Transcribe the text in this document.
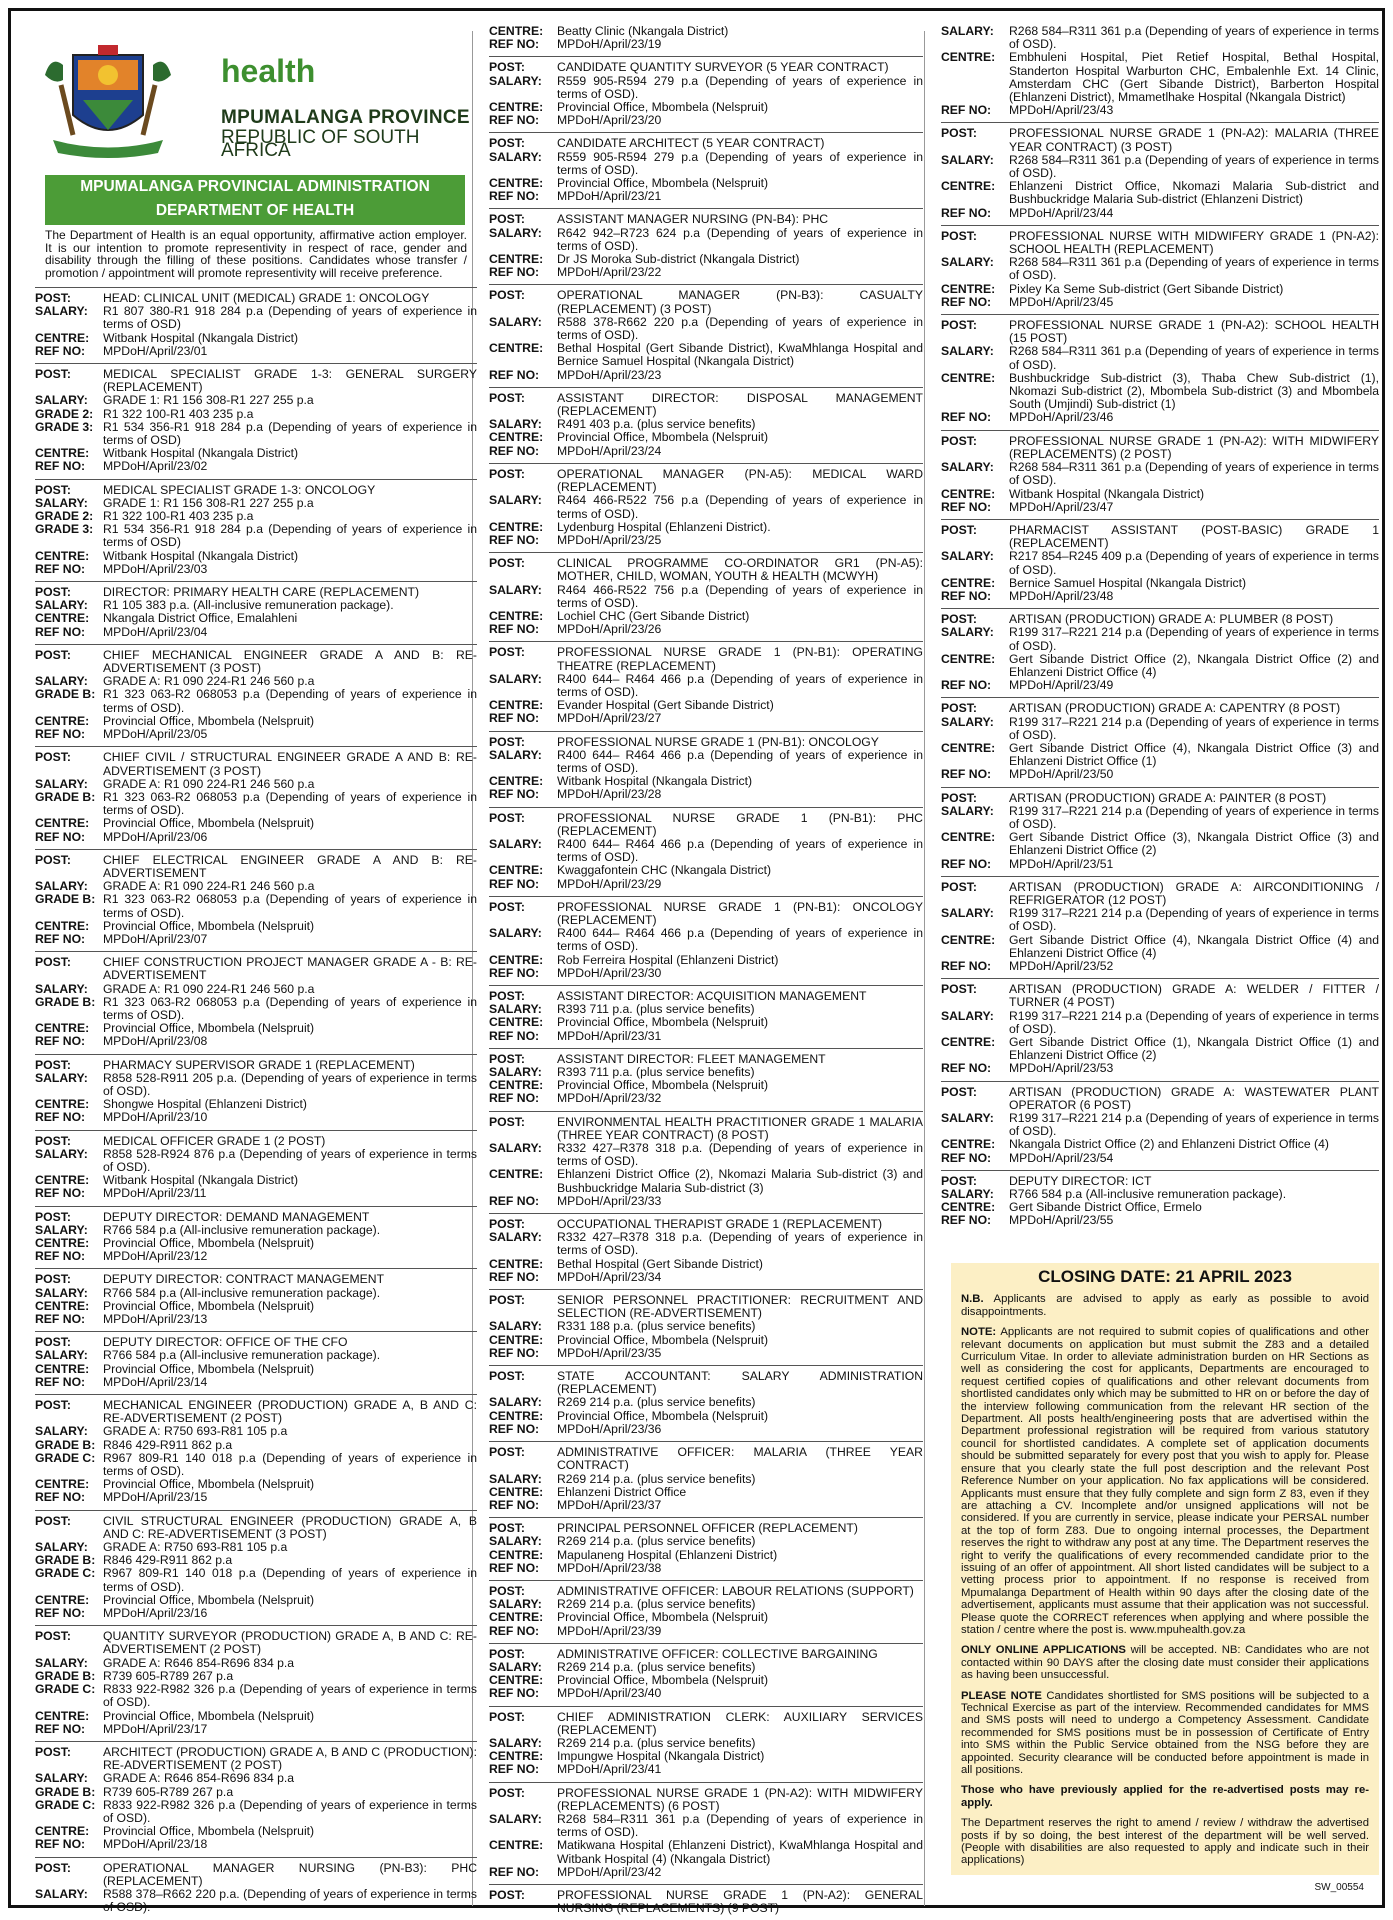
health
MPUMALANGA PROVINCE
REPUBLIC OF SOUTH AFRICA
MPUMALANGA PROVINCIAL ADMINISTRATION
DEPARTMENT OF HEALTH
The Department of Health is an equal opportunity, affirmative action employer. It is our intention to promote representivity in respect of race, gender and disability through the filling of these positions. Candidates whose transfer / promotion / appointment will promote representivity will receive preference.
POST:	HEAD: CLINICAL UNIT (MEDICAL) GRADE 1: ONCOLOGY
SALARY:	R1 807 380-R1 918 284 p.a (Depending of years of experience in terms of OSD)
CENTRE:	Witbank Hospital (Nkangala District)
REF NO:	MPDoH/April/23/01
POST:	MEDICAL SPECIALIST GRADE 1-3: GENERAL SURGERY (REPLACEMENT)
SALARY:	GRADE 1: R1 156 308-R1 227 255 p.a
GRADE 2: R1 322 100-R1 403 235 p.a
GRADE 3: R1 534 356-R1 918 284 p.a (Depending of years of experience in terms of OSD)
CENTRE:	Witbank Hospital (Nkangala District)
REF NO:	MPDoH/April/23/02
POST:	MEDICAL SPECIALIST GRADE 1-3: ONCOLOGY
SALARY:	GRADE 1: R1 156 308-R1 227 255 p.a
GRADE 2: R1 322 100-R1 403 235 p.a
GRADE 3: R1 534 356-R1 918 284 p.a (Depending of years of experience in terms of OSD)
CENTRE:	Witbank Hospital (Nkangala District)
REF NO:	MPDoH/April/23/03
POST:	DIRECTOR: PRIMARY HEALTH CARE (REPLACEMENT)
SALARY:	R1 105 383 p.a. (All-inclusive remuneration package).
CENTRE:	Nkangala District Office, Emalahleni
REF NO:	MPDoH/April/23/04
POST:	CHIEF MECHANICAL ENGINEER GRADE A AND B: RE-ADVERTISEMENT (3 POST)
SALARY:	GRADE A: R1 090 224-R1 246 560 p.a
GRADE B: R1 323 063-R2 068053 p.a (Depending of years of experience in terms of OSD).
CENTRE:	Provincial Office, Mbombela (Nelspruit)
REF NO:	MPDoH/April/23/05
POST:	CHIEF CIVIL / STRUCTURAL ENGINEER GRADE A AND B: RE-ADVERTISEMENT (3 POST)
SALARY:	GRADE A: R1 090 224-R1 246 560 p.a
GRADE B: R1 323 063-R2 068053 p.a (Depending of years of experience in terms of OSD).
CENTRE:	Provincial Office, Mbombela (Nelspruit)
REF NO:	MPDoH/April/23/06
POST:	CHIEF ELECTRICAL ENGINEER GRADE A AND B: RE-ADVERTISEMENT
SALARY:	GRADE A: R1 090 224-R1 246 560 p.a
GRADE B: R1 323 063-R2 068053 p.a (Depending of years of experience in terms of OSD).
CENTRE:	Provincial Office, Mbombela (Nelspruit)
REF NO:	MPDoH/April/23/07
POST:	CHIEF CONSTRUCTION PROJECT MANAGER GRADE A - B: RE-ADVERTISEMENT
SALARY:	GRADE A: R1 090 224-R1 246 560 p.a
GRADE B: R1 323 063-R2 068053 p.a (Depending of years of experience in terms of OSD).
CENTRE:	Provincial Office, Mbombela (Nelspruit)
REF NO:	MPDoH/April/23/08
POST:	PHARMACY SUPERVISOR GRADE 1 (REPLACEMENT)
SALARY:	R858 528-R911 205 p.a. (Depending of years of experience in terms of OSD).
CENTRE:	Shongwe Hospital (Ehlanzeni District)
REF NO:	MPDoH/April/23/10
POST:	MEDICAL OFFICER GRADE 1 (2 POST)
SALARY:	R858 528-R924 876 p.a (Depending of years of experience in terms of OSD).
CENTRE:	Witbank Hospital (Nkangala District)
REF NO:	MPDoH/April/23/11
POST:	DEPUTY DIRECTOR: DEMAND MANAGEMENT
SALARY:	R766 584 p.a (All-inclusive remuneration package).
CENTRE:	Provincial Office, Mbombela (Nelspruit)
REF NO:	MPDoH/April/23/12
POST:	DEPUTY DIRECTOR: CONTRACT MANAGEMENT
SALARY:	R766 584 p.a (All-inclusive remuneration package).
CENTRE:	Provincial Office, Mbombela (Nelspruit)
REF NO:	MPDoH/April/23/13
POST:	DEPUTY DIRECTOR: OFFICE OF THE CFO
SALARY:	R766 584 p.a (All-inclusive remuneration package).
CENTRE:	Provincial Office, Mbombela (Nelspruit)
REF NO:	MPDoH/April/23/14
POST:	MECHANICAL ENGINEER (PRODUCTION) GRADE A, B AND C: RE-ADVERTISEMENT (2 POST)
SALARY:	GRADE A: R750 693-R81 105 p.a
GRADE B: R846 429-R911 862 p.a
GRADE C: R967 809-R1 140 018 p.a (Depending of years of experience in terms of OSD).
CENTRE:	Provincial Office, Mbombela (Nelspruit)
REF NO:	MPDoH/April/23/15
POST:	CIVIL STRUCTURAL ENGINEER (PRODUCTION) GRADE A, B AND C: RE-ADVERTISEMENT (3 POST)
SALARY:	GRADE A: R750 693-R81 105 p.a
GRADE B: R846 429-R911 862 p.a
GRADE C: R967 809-R1 140 018 p.a (Depending of years of experience in terms of OSD).
CENTRE:	Provincial Office, Mbombela (Nelspruit)
REF NO:	MPDoH/April/23/16
POST:	QUANTITY SURVEYOR (PRODUCTION) GRADE A, B AND C: RE-ADVERTISEMENT (2 POST)
SALARY:	GRADE A: R646 854-R696 834 p.a
GRADE B: R739 605-R789 267 p.a
GRADE C: R833 922-R982 326 p.a (Depending of years of experience in terms of OSD).
CENTRE:	Provincial Office, Mbombela (Nelspruit)
REF NO:	MPDoH/April/23/17
POST:	ARCHITECT (PRODUCTION) GRADE A, B AND C (PRODUCTION): RE-ADVERTISEMENT (2 POST)
SALARY:	GRADE A: R646 854-R696 834 p.a
GRADE B: R739 605-R789 267 p.a
GRADE C: R833 922-R982 326 p.a (Depending of years of experience in terms of OSD).
CENTRE:	Provincial Office, Mbombela (Nelspruit)
REF NO:	MPDoH/April/23/18
POST:	OPERATIONAL MANAGER NURSING (PN-B3): PHC (REPLACEMENT)
SALARY:	R588 378–R662 220 p.a. (Depending of years of experience in terms of OSD).
CENTRE:	Beatty Clinic (Nkangala District)
REF NO:	MPDoH/April/23/19
POST:	CANDIDATE QUANTITY SURVEYOR (5 YEAR CONTRACT)
SALARY:	R559 905-R594 279 p.a (Depending of years of experience in terms of OSD).
CENTRE:	Provincial Office, Mbombela (Nelspruit)
REF NO:	MPDoH/April/23/20
POST:	CANDIDATE ARCHITECT (5 YEAR CONTRACT)
SALARY:	R559 905-R594 279 p.a (Depending of years of experience in terms of OSD).
CENTRE:	Provincial Office, Mbombela (Nelspruit)
REF NO:	MPDoH/April/23/21
POST:	ASSISTANT MANAGER NURSING (PN-B4): PHC
SALARY:	R642 942–R723 624 p.a (Depending of years of experience in terms of OSD).
CENTRE:	Dr JS Moroka Sub-district (Nkangala District)
REF NO:	MPDoH/April/23/22
POST:	OPERATIONAL MANAGER (PN-B3): CASUALTY (REPLACEMENT) (3 POST)
SALARY:	R588 378-R662 220 p.a (Depending of years of experience in terms of OSD).
CENTRE:	Bethal Hospital (Gert Sibande District), KwaMhlanga Hospital and Bernice Samuel Hospital (Nkangala District)
REF NO:	MPDoH/April/23/23
POST:	ASSISTANT DIRECTOR: DISPOSAL MANAGEMENT (REPLACEMENT)
SALARY:	R491 403 p.a. (plus service benefits)
CENTRE:	Provincial Office, Mbombela (Nelspruit)
REF NO:	MPDoH/April/23/24
POST:	OPERATIONAL MANAGER (PN-A5): MEDICAL WARD (REPLACEMENT)
SALARY:	R464 466-R522 756 p.a (Depending of years of experience in terms of OSD).
CENTRE:	Lydenburg Hospital (Ehlanzeni District).
REF NO:	MPDoH/April/23/25
POST:	CLINICAL PROGRAMME CO-ORDINATOR GR1 (PN-A5): MOTHER, CHILD, WOMAN, YOUTH & HEALTH (MCWYH)
SALARY:	R464 466-R522 756 p.a (Depending of years of experience in terms of OSD).
CENTRE:	Lochiel CHC (Gert Sibande District)
REF NO:	MPDoH/April/23/26
POST:	PROFESSIONAL NURSE GRADE 1 (PN-B1): OPERATING THEATRE (REPLACEMENT)
SALARY:	R400 644– R464 466 p.a (Depending of years of experience in terms of OSD).
CENTRE:	Evander Hospital (Gert Sibande District)
REF NO:	MPDoH/April/23/27
POST:	PROFESSIONAL NURSE GRADE 1 (PN-B1): ONCOLOGY
SALARY:	R400 644– R464 466 p.a (Depending of years of experience in terms of OSD).
CENTRE:	Witbank Hospital (Nkangala District)
REF NO:	MPDoH/April/23/28
POST:	PROFESSIONAL NURSE GRADE 1 (PN-B1): PHC (REPLACEMENT)
SALARY:	R400 644– R464 466 p.a (Depending of years of experience in terms of OSD).
CENTRE:	Kwaggafontein CHC (Nkangala District)
REF NO:	MPDoH/April/23/29
POST:	PROFESSIONAL NURSE GRADE 1 (PN-B1): ONCOLOGY (REPLACEMENT)
SALARY:	R400 644– R464 466 p.a (Depending of years of experience in terms of OSD).
CENTRE:	Rob Ferreira Hospital (Ehlanzeni District)
REF NO:	MPDoH/April/23/30
POST:	ASSISTANT DIRECTOR: ACQUISITION MANAGEMENT
SALARY:	R393 711 p.a. (plus service benefits)
CENTRE:	Provincial Office, Mbombela (Nelspruit)
REF NO:	MPDoH/April/23/31
POST:	ASSISTANT DIRECTOR: FLEET MANAGEMENT
SALARY:	R393 711 p.a. (plus service benefits)
CENTRE:	Provincial Office, Mbombela (Nelspruit)
REF NO:	MPDoH/April/23/32
POST:	ENVIRONMENTAL HEALTH PRACTITIONER GRADE 1 MALARIA (THREE YEAR CONTRACT) (8 POST)
SALARY:	R332 427–R378 318 p.a. (Depending of years of experience in terms of OSD).
CENTRE:	Ehlanzeni District Office (2), Nkomazi Malaria Sub-district (3) and Bushbuckridge Malaria Sub-district (3)
REF NO:	MPDoH/April/23/33
POST:	OCCUPATIONAL THERAPIST GRADE 1 (REPLACEMENT)
SALARY:	R332 427–R378 318 p.a. (Depending of years of experience in terms of OSD).
CENTRE:	Bethal Hospital (Gert Sibande District)
REF NO:	MPDoH/April/23/34
POST:	SENIOR PERSONNEL PRACTITIONER: RECRUITMENT AND SELECTION (RE-ADVERTISEMENT)
SALARY:	R331 188 p.a. (plus service benefits)
CENTRE:	Provincial Office, Mbombela (Nelspruit)
REF NO:	MPDoH/April/23/35
POST:	STATE ACCOUNTANT: SALARY ADMINISTRATION (REPLACEMENT)
SALARY:	R269 214 p.a. (plus service benefits)
CENTRE:	Provincial Office, Mbombela (Nelspruit)
REF NO:	MPDoH/April/23/36
POST:	ADMINISTRATIVE OFFICER: MALARIA (THREE YEAR CONTRACT)
SALARY:	R269 214 p.a. (plus service benefits)
CENTRE:	Ehlanzeni District Office
REF NO:	MPDoH/April/23/37
POST:	PRINCIPAL PERSONNEL OFFICER (REPLACEMENT)
SALARY:	R269 214 p.a. (plus service benefits)
CENTRE:	Mapulaneng Hospital (Ehlanzeni District)
REF NO:	MPDoH/April/23/38
POST:	ADMINISTRATIVE OFFICER: LABOUR RELATIONS (SUPPORT)
SALARY:	R269 214 p.a. (plus service benefits)
CENTRE:	Provincial Office, Mbombela (Nelspruit)
REF NO:	MPDoH/April/23/39
POST:	ADMINISTRATIVE OFFICER: COLLECTIVE BARGAINING
SALARY:	R269 214 p.a. (plus service benefits)
CENTRE:	Provincial Office, Mbombela (Nelspruit)
REF NO:	MPDoH/April/23/40
POST:	CHIEF ADMINISTRATION CLERK: AUXILIARY SERVICES (REPLACEMENT)
SALARY:	R269 214 p.a. (plus service benefits)
CENTRE:	Impungwe Hospital (Nkangala District)
REF NO:	MPDoH/April/23/41
POST:	PROFESSIONAL NURSE GRADE 1 (PN-A2): WITH MIDWIFERY (REPLACEMENTS) (6 POST)
SALARY:	R268 584–R311 361 p.a (Depending of years of experience in terms of OSD).
CENTRE:	Matikwana Hospital (Ehlanzeni District), KwaMhlanga Hospital and Witbank Hospital (4) (Nkangala District)
REF NO:	MPDoH/April/23/42
POST:	PROFESSIONAL NURSE GRADE 1 (PN-A2): GENERAL NURSING (REPLACEMENTS) (9 POST)
SALARY:	R268 584–R311 361 p.a (Depending of years of experience in terms of OSD).
CENTRE:	Embhuleni Hospital, Piet Retief Hospital, Bethal Hospital, Standerton Hospital Warburton CHC, Embalenhle Ext. 14 Clinic, Amsterdam CHC (Gert Sibande District), Barberton Hospital (Ehlanzeni District), Mmametlhake Hospital (Nkangala District)
REF NO:	MPDoH/April/23/43
POST:	PROFESSIONAL NURSE GRADE 1 (PN-A2): MALARIA (THREE YEAR CONTRACT) (3 POST)
SALARY:	R268 584–R311 361 p.a (Depending of years of experience in terms of OSD).
CENTRE:	Ehlanzeni District Office, Nkomazi Malaria Sub-district and Bushbuckridge Malaria Sub-district (Ehlanzeni District)
REF NO:	MPDoH/April/23/44
POST:	PROFESSIONAL NURSE WITH MIDWIFERY GRADE 1 (PN-A2): SCHOOL HEALTH (REPLACEMENT)
SALARY:	R268 584–R311 361 p.a (Depending of years of experience in terms of OSD).
CENTRE:	Pixley Ka Seme Sub-district (Gert Sibande District)
REF NO:	MPDoH/April/23/45
POST:	PROFESSIONAL NURSE GRADE 1 (PN-A2): SCHOOL HEALTH (15 POST)
SALARY:	R268 584–R311 361 p.a (Depending of years of experience in terms of OSD).
CENTRE:	Bushbuckridge Sub-district (3), Thaba Chew Sub-district (1), Nkomazi Sub-district (2), Mbombela Sub-district (3) and Mbombela South (Umjindi) Sub-district (1)
REF NO:	MPDoH/April/23/46
POST:	PROFESSIONAL NURSE GRADE 1 (PN-A2): WITH MIDWIFERY (REPLACEMENTS) (2 POST)
SALARY:	R268 584–R311 361 p.a (Depending of years of experience in terms of OSD).
CENTRE:	Witbank Hospital (Nkangala District)
REF NO:	MPDoH/April/23/47
POST:	PHARMACIST ASSISTANT (POST-BASIC) GRADE 1 (REPLACEMENT)
SALARY:	R217 854–R245 409 p.a (Depending of years of experience in terms of OSD).
CENTRE:	Bernice Samuel Hospital (Nkangala District)
REF NO:	MPDoH/April/23/48
POST:	ARTISAN (PRODUCTION) GRADE A: PLUMBER (8 POST)
SALARY:	R199 317–R221 214 p.a (Depending of years of experience in terms of OSD).
CENTRE:	Gert Sibande District Office (2), Nkangala District Office (2) and Ehlanzeni District Office (4)
REF NO:	MPDoH/April/23/49
POST:	ARTISAN (PRODUCTION) GRADE A: CAPENTRY (8 POST)
SALARY:	R199 317–R221 214 p.a (Depending of years of experience in terms of OSD).
CENTRE:	Gert Sibande District Office (4), Nkangala District Office (3) and Ehlanzeni District Office (1)
REF NO:	MPDoH/April/23/50
POST:	ARTISAN (PRODUCTION) GRADE A: PAINTER (8 POST)
SALARY:	R199 317–R221 214 p.a (Depending of years of experience in terms of OSD).
CENTRE:	Gert Sibande District Office (3), Nkangala District Office (3) and Ehlanzeni District Office (2)
REF NO:	MPDoH/April/23/51
POST:	ARTISAN (PRODUCTION) GRADE A: AIRCONDITIONING / REFRIGERATOR (12 POST)
SALARY:	R199 317–R221 214 p.a (Depending of years of experience in terms of OSD).
CENTRE:	Gert Sibande District Office (4), Nkangala District Office (4) and Ehlanzeni District Office (4)
REF NO:	MPDoH/April/23/52
POST:	ARTISAN (PRODUCTION) GRADE A: WELDER / FITTER / TURNER (4 POST)
SALARY:	R199 317–R221 214 p.a (Depending of years of experience in terms of OSD).
CENTRE:	Gert Sibande District Office (1), Nkangala District Office (1) and Ehlanzeni District Office (2)
REF NO:	MPDoH/April/23/53
POST:	ARTISAN (PRODUCTION) GRADE A: WASTEWATER PLANT OPERATOR (6 POST)
SALARY:	R199 317–R221 214 p.a (Depending of years of experience in terms of OSD).
CENTRE:	Nkangala District Office (2) and Ehlanzeni District Office (4)
REF NO:	MPDoH/April/23/54
POST:	DEPUTY DIRECTOR: ICT
SALARY:	R766 584 p.a (All-inclusive remuneration package).
CENTRE:	Gert Sibande District Office, Ermelo
REF NO:	MPDoH/April/23/55
CLOSING DATE: 21 APRIL 2023

N.B. Applicants are advised to apply as early as possible to avoid disappointments.

NOTE: Applicants are not required to submit copies of qualifications and other relevant documents on application but must submit the Z83 and a detailed Curriculum Vitae. In order to alleviate administration burden on HR Sections as well as considering the cost for applicants, Departments are encouraged to request certified copies of qualifications and other relevant documents from shortlisted candidates only which may be submitted to HR on or before the day of the interview following communication from the relevant HR section of the Department. All posts health/engineering posts that are advertised within the Department professional registration will be required from various statutory council for shortlisted candidates. A complete set of application documents should be submitted separately for every post that you wish to apply for. Please ensure that you clearly state the full post description and the relevant Post Reference Number on your application. No fax applications will be considered. Applicants must ensure that they fully complete and sign form Z 83, even if they are attaching a CV. Incomplete and/or unsigned applications will not be considered. If you are currently in service, please indicate your PERSAL number at the top of form Z83. Due to ongoing internal processes, the Department reserves the right to withdraw any post at any time. The Department reserves the right to verify the qualifications of every recommended candidate prior to the issuing of an offer of appointment. All short listed candidates will be subject to a vetting process prior to appointment. If no response is received from Mpumalanga Department of Health within 90 days after the closing date of the advertisement, applicants must assume that their application was not successful. Please quote the CORRECT references when applying and where possible the station / centre where the post is. www.mpuhealth.gov.za

ONLY ONLINE APPLICATIONS will be accepted. NB: Candidates who are not contacted within 90 DAYS after the closing date must consider their applications as having been unsuccessful.

PLEASE NOTE Candidates shortlisted for SMS positions will be subjected to a Technical Exercise as part of the interview. Recommended candidates for MMS and SMS posts will need to undergo a Competency Assessment. Candidate recommended for SMS positions must be in possession of Certificate of Entry into SMS within the Public Service obtained from the NSG before they are appointed. Security clearance will be conducted before appointment is made in all positions.

Those who have previously applied for the re-advertised posts may re-apply.

The Department reserves the right to amend / review / withdraw the advertised posts if by so doing, the best interest of the department will be well served. (People with disabilities are also requested to apply and indicate such in their applications)

SW_00554
